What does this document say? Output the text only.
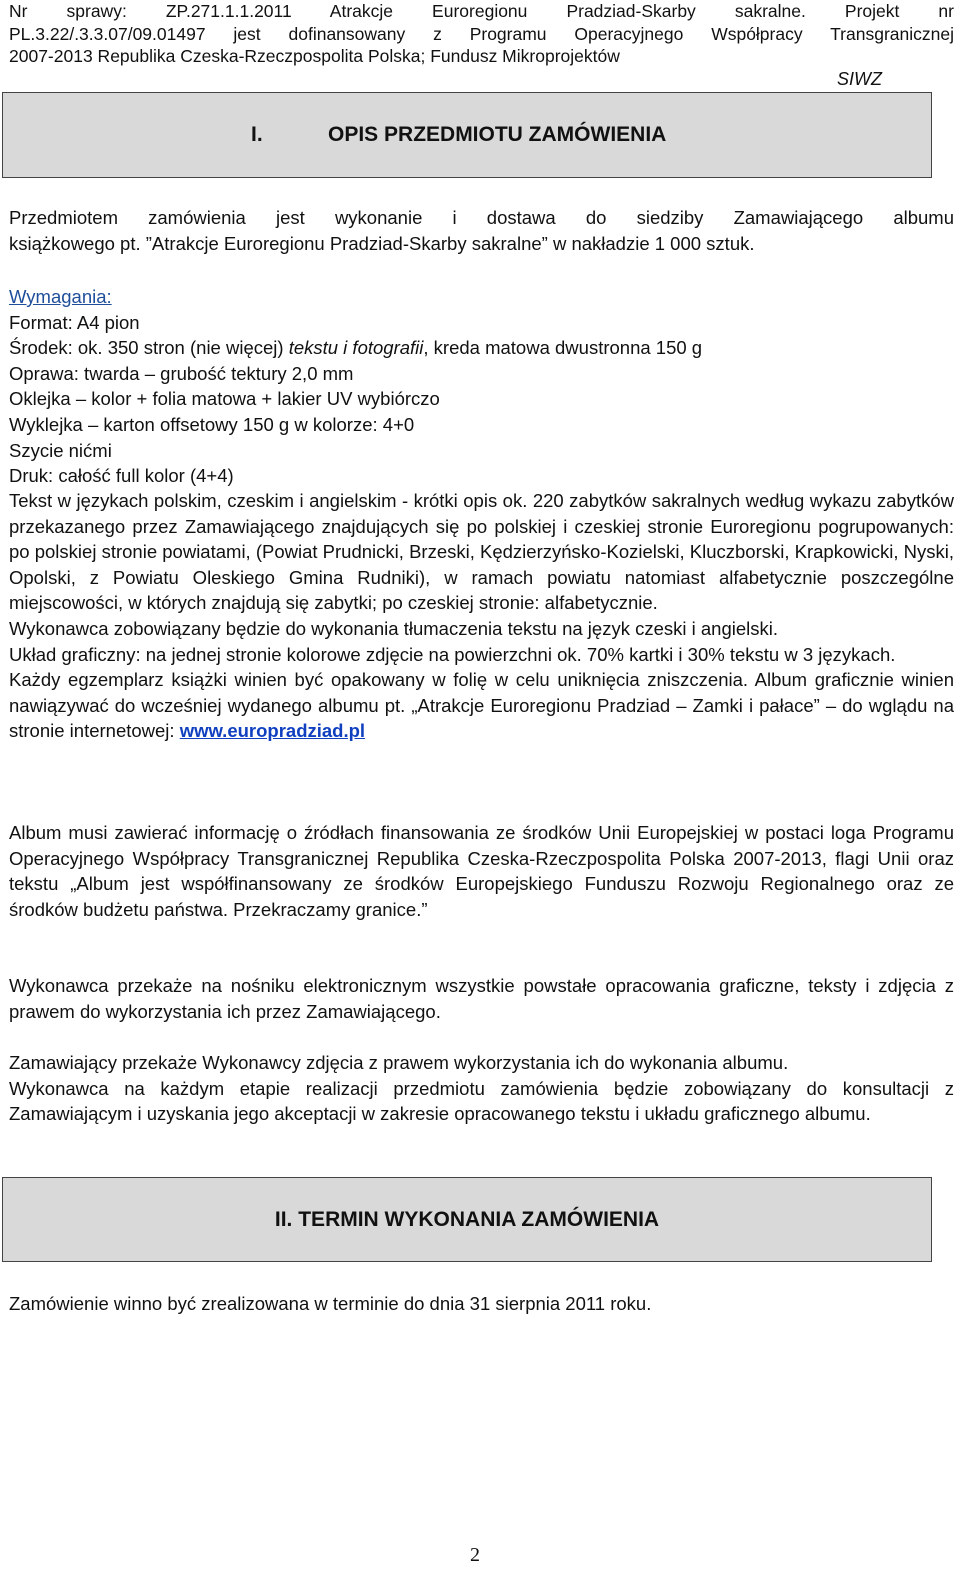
Nr sprawy: ZP.271.1.1.2011 Atrakcje Euroregionu Pradziad-Skarby sakralne. Projekt nr
PL.3.22/.3.3.07/09.01497 jest dofinansowany z Programu Operacyjnego Współpracy Transgranicznej
2007-2013 Republika Czeska-Rzeczpospolita Polska; Fundusz Mikroprojektów
SIWZ
I.	OPIS PRZEDMIOTU ZAMÓWIENIA

Przedmiotem zamówienia jest wykonanie i dostawa do siedziby Zamawiającego albumu

książkowego pt. ”Atrakcje Euroregionu Pradziad-Skarby sakralne” w nakładzie 1 000 sztuk.

Wymagania:

Format: A4 pion

Środek: ok. 350 stron (nie więcej) tekstu i fotografii, kreda matowa dwustronna 150 g

Oprawa: twarda – grubość tektury 2,0 mm

Oklejka – kolor + folia matowa + lakier UV wybiórczo

Wyklejka – karton offsetowy 150 g w kolorze: 4+0

Szycie nićmi

Druk: całość full kolor (4+4)

Tekst w językach polskim, czeskim i angielskim - krótki opis ok. 220 zabytków sakralnych według wykazu zabytków przekazanego przez Zamawiającego znajdujących się po polskiej i czeskiej stronie Euroregionu pogrupowanych: po polskiej stronie powiatami, (Powiat Prudnicki, Brzeski, Kędzierzyńsko-Kozielski, Kluczborski, Krapkowicki, Nyski, Opolski, z Powiatu Oleskiego Gmina Rudniki), w ramach powiatu natomiast alfabetycznie poszczególne miejscowości, w których znajdują się zabytki; po czeskiej stronie: alfabetycznie.

Wykonawca zobowiązany będzie do wykonania tłumaczenia tekstu na język czeski i angielski.

Układ graficzny: na jednej stronie kolorowe zdjęcie na powierzchni ok. 70% kartki i 30% tekstu w 3 językach.

Każdy egzemplarz książki winien być opakowany w folię w celu uniknięcia zniszczenia. Album graficznie winien nawiązywać do wcześniej wydanego albumu pt. „Atrakcje Euroregionu Pradziad – Zamki i pałace” – do wglądu na stronie internetowej: www.europradziad.pl

Album musi zawierać informację o źródłach finansowania ze środków Unii Europejskiej w postaci loga Programu Operacyjnego Współpracy Transgranicznej Republika Czeska-Rzeczpospolita Polska 2007-2013, flagi Unii oraz tekstu „Album jest współfinansowany ze środków Europejskiego Funduszu Rozwoju Regionalnego oraz ze środków budżetu państwa. Przekraczamy granice.”

Wykonawca przekaże na nośniku elektronicznym wszystkie powstałe opracowania graficzne, teksty i zdjęcia z prawem do wykorzystania ich przez Zamawiającego.

Zamawiający przekaże Wykonawcy zdjęcia z prawem wykorzystania ich do wykonania albumu.

Wykonawca na każdym etapie realizacji przedmiotu zamówienia będzie zobowiązany do konsultacji z Zamawiającym i uzyskania jego akceptacji w zakresie opracowanego tekstu i układu graficznego albumu.

II. TERMIN WYKONANIA ZAMÓWIENIA

Zamówienie winno być zrealizowana w terminie do dnia 31 sierpnia 2011 roku.

2
